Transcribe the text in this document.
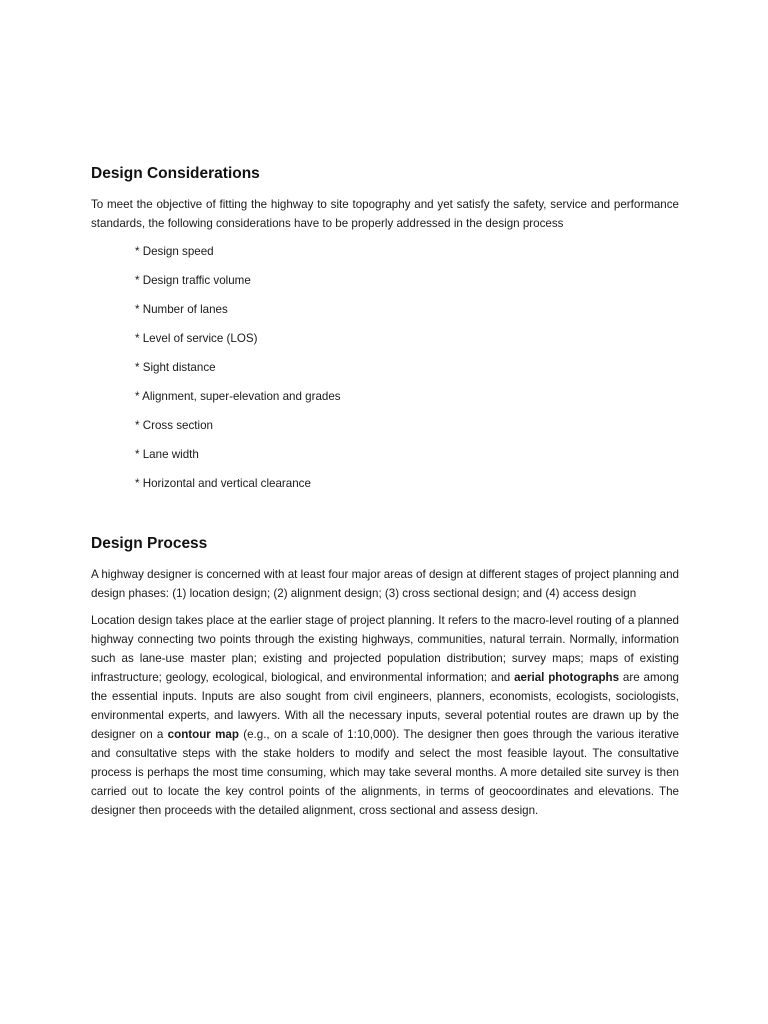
Design Considerations

To meet the objective of fitting the highway to site topography and yet satisfy the safety, service and performance standards, the following considerations have to be properly addressed in the design process

* Design speed
* Design traffic volume
* Number of lanes
* Level of service (LOS)
* Sight distance
* Alignment, super-elevation and grades
* Cross section
* Lane width
* Horizontal and vertical clearance
Design Process

A highway designer is concerned with at least four major areas of design at different stages of project planning and design phases: (1) location design; (2) alignment design; (3) cross sectional design; and (4) access design

Location design takes place at the earlier stage of project planning. It refers to the macro-level routing of a planned highway connecting two points through the existing highways, communities, natural terrain. Normally, information such as lane-use master plan; existing and projected population distribution; survey maps; maps of existing infrastructure; geology, ecological, biological, and environmental information; and aerial photographs are among the essential inputs. Inputs are also sought from civil engineers, planners, economists, ecologists, sociologists, environmental experts, and lawyers. With all the necessary inputs, several potential routes are drawn up by the designer on a contour map (e.g., on a scale of 1:10,000). The designer then goes through the various iterative and consultative steps with the stake holders to modify and select the most feasible layout. The consultative process is perhaps the most time consuming, which may take several months. A more detailed site survey is then carried out to locate the key control points of the alignments, in terms of geocoordinates and elevations. The designer then proceeds with the detailed alignment, cross sectional and assess design.
